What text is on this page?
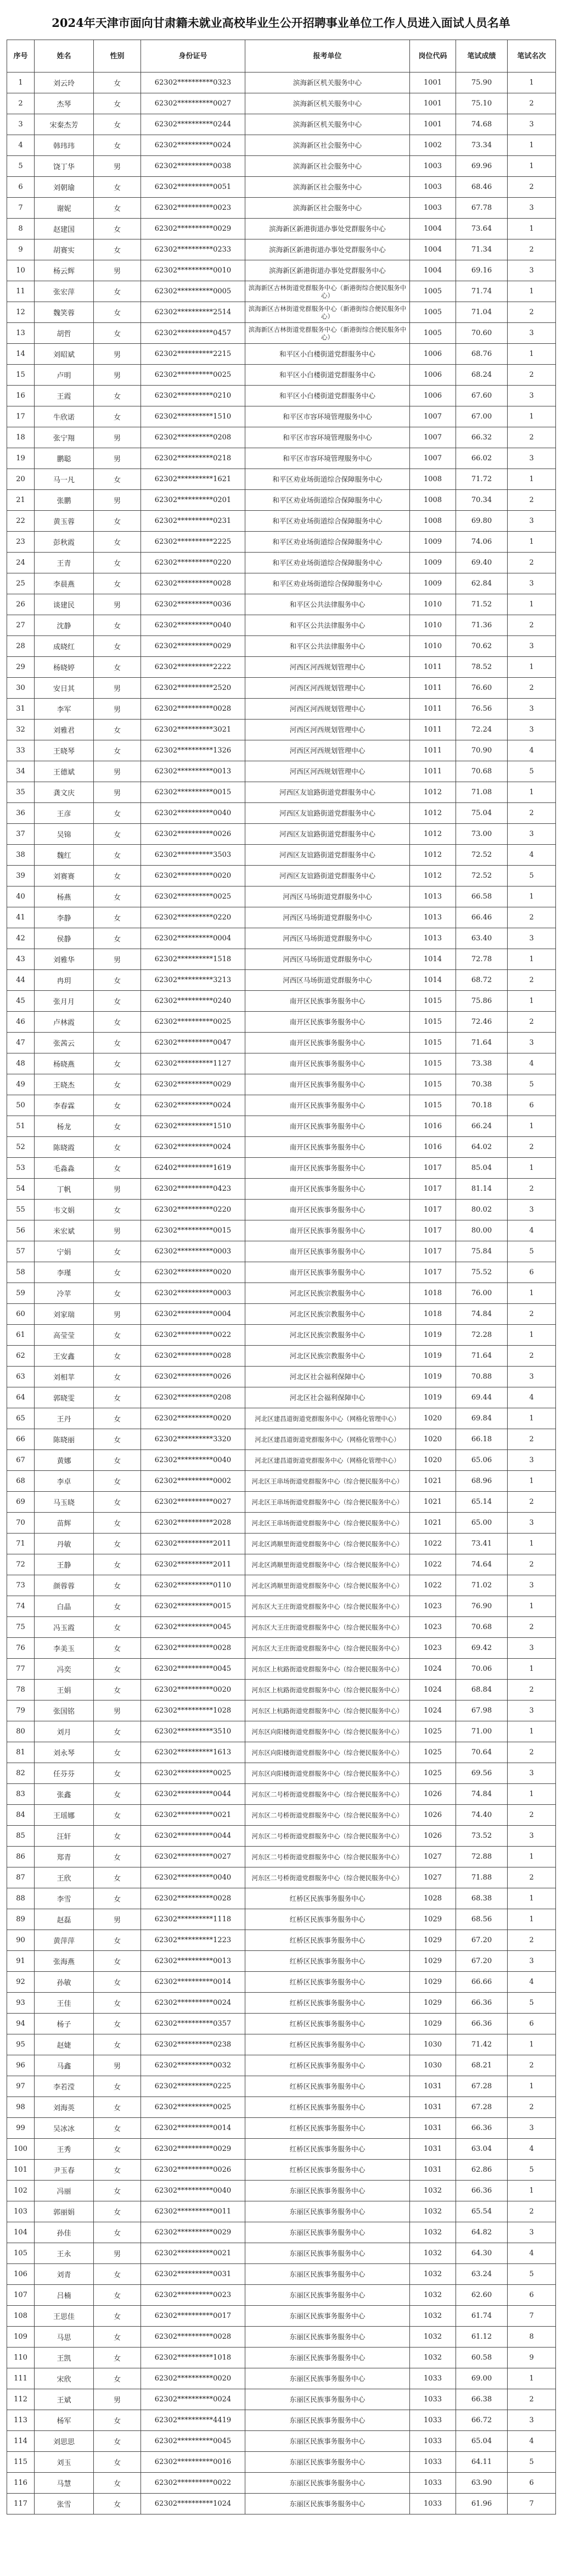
2024年天津市面向甘肃籍未就业高校毕业生公开招聘事业单位工作人员进入面试人员名单
序号	姓名	性别	身份证号	报考单位	岗位代码	笔试成绩	笔试名次
1	刘云玲	女	62302**********0323	滨海新区机关服务中心	1001	75.90	1
2	杰琴	女	62302**********0027	滨海新区机关服务中心	1001	75.10	2
3	宋秦杰芳	女	62302**********0244	滨海新区机关服务中心	1001	74.68	3
4	韩玮玮	女	62302**********0024	滨海新区社会服务中心	1002	73.34	1
5	饶丁华	男	62302**********0038	滨海新区社会服务中心	1003	69.96	1
6	刘朝瑜	女	62302**********0051	滨海新区社会服务中心	1003	68.46	2
7	谢妮	女	62302**********0023	滨海新区社会服务中心	1003	67.78	3
8	赵建国	女	62302**********0029	滨海新区新港街道办事处党群服务中心	1004	73.64	1
9	胡赛实	女	62302**********0233	滨海新区新港街道办事处党群服务中心	1004	71.34	2
10	杨云辉	男	62302**********0010	滨海新区新港街道办事处党群服务中心	1004	69.16	3
11	张宏萍	女	62302**********0005	滨海新区古林街道党群服务中心（新港街综合便民服务中心）	1005	71.74	1
12	魏笑蓉	女	62302**********2514	滨海新区古林街道党群服务中心（新港街综合便民服务中心）	1005	71.04	2
13	胡哲	女	62302**********0457	滨海新区古林街道党群服务中心（新港街综合便民服务中心）	1005	70.60	3
14	刘昭斌	男	62302**********2215	和平区小白楼街道党群服务中心	1006	68.76	1
15	卢明	男	62302**********0025	和平区小白楼街道党群服务中心	1006	68.24	2
16	王霞	女	62302**********0210	和平区小白楼街道党群服务中心	1006	67.60	3
17	牛欣诺	女	62302**********1510	和平区市容环境管理服务中心	1007	67.00	1
18	张宁翔	男	62302**********0208	和平区市容环境管理服务中心	1007	66.32	2
19	鹏聪	男	62302**********0218	和平区市容环境管理服务中心	1007	66.02	3
20	马一凡	女	62302**********1621	和平区劝业场街道综合保障服务中心	1008	71.72	1
21	张鹏	男	62302**********0201	和平区劝业场街道综合保障服务中心	1008	70.34	2
22	黄玉蓉	女	62302**********0231	和平区劝业场街道综合保障服务中心	1008	69.80	3
23	彭秋霞	女	62302**********2225	和平区劝业场街道综合保障服务中心	1009	74.06	1
24	王青	女	62302**********0220	和平区劝业场街道综合保障服务中心	1009	69.40	2
25	李晨燕	女	62302**********0028	和平区劝业场街道综合保障服务中心	1009	62.84	3
26	谈建民	男	62302**********0036	和平区公共法律服务中心	1010	71.52	1
27	沈静	女	62302**********0040	和平区公共法律服务中心	1010	71.36	2
28	成晓红	女	62302**********0029	和平区公共法律服务中心	1010	70.62	3
29	杨晓婷	女	62302**********2222	河西区河西规划管理中心	1011	78.52	1
30	安日其	男	62302**********2520	河西区河西规划管理中心	1011	76.60	2
31	李军	男	62302**********0028	河西区河西规划管理中心	1011	76.56	3
32	刘雅君	女	62302**********3021	河西区河西规划管理中心	1011	72.24	3
33	王晓琴	女	62302**********1326	河西区河西规划管理中心	1011	70.90	4
34	王德斌	男	62302**********0013	河西区河西规划管理中心	1011	70.68	5
35	龚文庆	男	62302**********0015	河西区友谊路街道党群服务中心	1012	71.08	1
36	王彦	女	62302**********0040	河西区友谊路街道党群服务中心	1012	75.04	2
37	吴锦	女	62302**********0026	河西区友谊路街道党群服务中心	1012	73.00	3
38	魏红	女	62302**********3503	河西区友谊路街道党群服务中心	1012	72.52	4
39	刘赛赛	女	62302**********0020	河西区友谊路街道党群服务中心	1012	72.52	5
40	杨燕	女	62302**********0025	河西区马场街道党群服务中心	1013	66.58	1
41	李静	女	62302**********0220	河西区马场街道党群服务中心	1013	66.46	2
42	侯静	女	62302**********0004	河西区马场街道党群服务中心	1013	63.40	3
43	刘雅华	男	62302**********1518	河西区马场街道党群服务中心	1014	72.78	1
44	冉玥	女	62302**********3213	河西区马场街道党群服务中心	1014	68.72	2
45	张月月	女	62302**********0240	南开区民族事务服务中心	1015	75.86	1
46	卢林霞	女	62302**********0025	南开区民族事务服务中心	1015	72.46	2
47	张茜云	女	62302**********0047	南开区民族事务服务中心	1015	71.64	3
48	杨晓燕	女	62302**********1127	南开区民族事务服务中心	1015	73.38	4
49	王晓杰	女	62302**********0029	南开区民族事务服务中心	1015	70.38	5
50	李春霖	女	62302**********0024	南开区民族事务服务中心	1015	70.18	6
51	杨龙	女	62302**********1510	南开区民族事务服务中心	1016	66.24	1
52	陈晓霞	女	62302**********0024	南开区民族事务服务中心	1016	64.02	2
53	毛淼淼	女	62402**********1619	南开区民族事务服务中心	1017	85.04	1
54	丁帆	男	62302**********0423	南开区民族事务服务中心	1017	81.14	2
55	韦文娟	女	62302**********0220	南开区民族事务服务中心	1017	80.02	3
56	米宏斌	男	62302**********0015	南开区民族事务服务中心	1017	80.00	4
57	宁娟	女	62302**********0003	南开区民族事务服务中心	1017	75.84	5
58	李瑾	女	62302**********0020	南开区民族事务服务中心	1017	75.52	6
59	冷苹	女	62302**********0003	河北区民族宗教服务中心	1018	76.00	1
60	刘家瑞	男	62302**********0004	河北区民族宗教服务中心	1018	74.84	2
61	高莹莹	女	62302**********0022	河北区民族宗教服务中心	1019	72.28	1
62	王安鑫	女	62302**********0028	河北区民族宗教服务中心	1019	71.64	2
63	刘相苹	女	62302**********0026	河北区社会福利保障中心	1019	70.88	3
64	郭晓雯	女	62302**********0208	河北区社会福利保障中心	1019	69.44	4
65	王丹	女	62302**********0020	河北区建昌道街道党群服务中心（网格化管理中心）	1020	69.84	1
66	陈晓丽	女	62302**********3320	河北区建昌道街道党群服务中心（网格化管理中心）	1020	66.18	2
67	黄娜	女	62302**********0040	河北区建昌道街道党群服务中心（网格化管理中心）	1020	65.06	3
68	李卓	女	62302**********0002	河北区王串场街道党群服务中心（综合便民服务中心）	1021	68.96	1
69	马玉晓	女	62302**********0027	河北区王串场街道党群服务中心（综合便民服务中心）	1021	65.14	2
70	苗辉	女	62302**********2028	河北区王串场街道党群服务中心（综合便民服务中心）	1021	65.00	3
71	丹敏	女	62302**********2011	河北区鸿顺里街道党群服务中心（综合便民服务中心）	1022	73.41	1
72	王静	女	62302**********2011	河北区鸿顺里街道党群服务中心（综合便民服务中心）	1022	74.64	2
73	颜蓉蓉	女	62302**********0110	河北区鸿顺里街道党群服务中心（综合便民服务中心）	1022	71.02	3
74	白晶	女	62302**********0015	河东区大王庄街道党群服务中心（综合便民服务中心）	1023	76.90	1
75	冯玉霞	女	62302**********0045	河东区大王庄街道党群服务中心（综合便民服务中心）	1023	70.68	2
76	李美玉	女	62302**********0028	河东区大王庄街道党群服务中心（综合便民服务中心）	1023	69.42	3
77	冯奕	女	62302**********0045	河东区上杭路街道党群服务中心（综合便民服务中心）	1024	70.06	1
78	王娟	女	62302**********0020	河东区上杭路街道党群服务中心（综合便民服务中心）	1024	68.84	2
79	张国铭	男	62302**********1028	河东区上杭路街道党群服务中心（综合便民服务中心）	1024	67.98	3
80	刘月	女	62302**********3510	河东区向阳楼街道党群服务中心（综合便民服务中心）	1025	71.00	1
81	刘永琴	女	62302**********1613	河东区向阳楼街道党群服务中心（综合便民服务中心）	1025	70.64	2
82	任芬芬	女	62302**********0025	河东区向阳楼街道党群服务中心（综合便民服务中心）	1025	69.56	3
83	张鑫	女	62302**********0044	河东区二号桥街道党群服务中心（综合便民服务中心）	1026	74.84	1
84	王瑶娜	女	62302**********0021	河东区二号桥街道党群服务中心（综合便民服务中心）	1026	74.40	2
85	汪轩	女	62302**********0044	河东区二号桥街道党群服务中心（综合便民服务中心）	1026	73.52	3
86	郑青	女	62302**********0027	河东区二号桥街道党群服务中心（综合便民服务中心）	1027	72.88	1
87	王欣	女	62302**********0040	河东区二号桥街道党群服务中心（综合便民服务中心）	1027	71.88	2
88	李雪	女	62302**********0028	红桥区民族事务服务中心	1028	68.38	1
89	赵磊	男	62302**********1118	红桥区民族事务服务中心	1029	68.56	1
90	黄萍萍	女	62302**********1223	红桥区民族事务服务中心	1029	67.20	2
91	张海燕	女	62302**********0013	红桥区民族事务服务中心	1029	67.20	3
92	孙敏	女	62302**********0014	红桥区民族事务服务中心	1029	66.66	4
93	王佳	女	62302**********0024	红桥区民族事务服务中心	1029	66.36	5
94	杨子	女	62302**********0357	红桥区民族事务服务中心	1029	66.36	6
95	赵婕	女	62302**********0238	红桥区民族事务服务中心	1030	71.42	1
96	马鑫	男	62302**********0032	红桥区民族事务服务中心	1030	68.21	2
97	李若滢	女	62302**********0225	红桥区民族事务服务中心	1031	67.28	1
98	刘海英	女	62302**********0025	红桥区民族事务服务中心	1031	67.28	2
99	吴冰冰	女	62302**********0014	红桥区民族事务服务中心	1031	66.36	3
100	王秀	女	62302**********0029	红桥区民族事务服务中心	1031	63.04	4
101	尹玉春	女	62302**********0026	红桥区民族事务服务中心	1031	62.86	5
102	冯丽	女	62302**********0040	东丽区民族事务服务中心	1032	66.36	1
103	郭丽娟	女	62302**********0011	东丽区民族事务服务中心	1032	65.54	2
104	孙佳	女	62302**********0029	东丽区民族事务服务中心	1032	64.82	3
105	王永	男	62302**********0021	东丽区民族事务服务中心	1032	64.30	4
106	刘青	女	62302**********0031	东丽区民族事务服务中心	1032	63.24	5
107	吕楠	女	62302**********0023	东丽区民族事务服务中心	1032	62.60	6
108	王思佳	女	62302**********0017	东丽区民族事务服务中心	1032	61.74	7
109	马思	女	62302**********0028	东丽区民族事务服务中心	1032	61.12	8
110	王凯	女	62302**********1018	东丽区民族事务服务中心	1032	60.58	9
111	宋欣	女	62302**********0020	东丽区民族事务服务中心	1033	69.00	1
112	王斌	男	62302**********0024	东丽区民族事务服务中心	1033	66.38	2
113	杨军	女	62302**********4419	东丽区民族事务服务中心	1033	66.72	3
114	刘思思	女	62302**********0045	东丽区民族事务服务中心	1033	65.04	4
115	刘玉	女	62302**********0016	东丽区民族事务服务中心	1033	64.11	5
116	马慧	女	62302**********0022	东丽区民族事务服务中心	1033	63.90	6
117	张雪	女	62302**********1024	东丽区民族事务服务中心	1033	61.96	7
